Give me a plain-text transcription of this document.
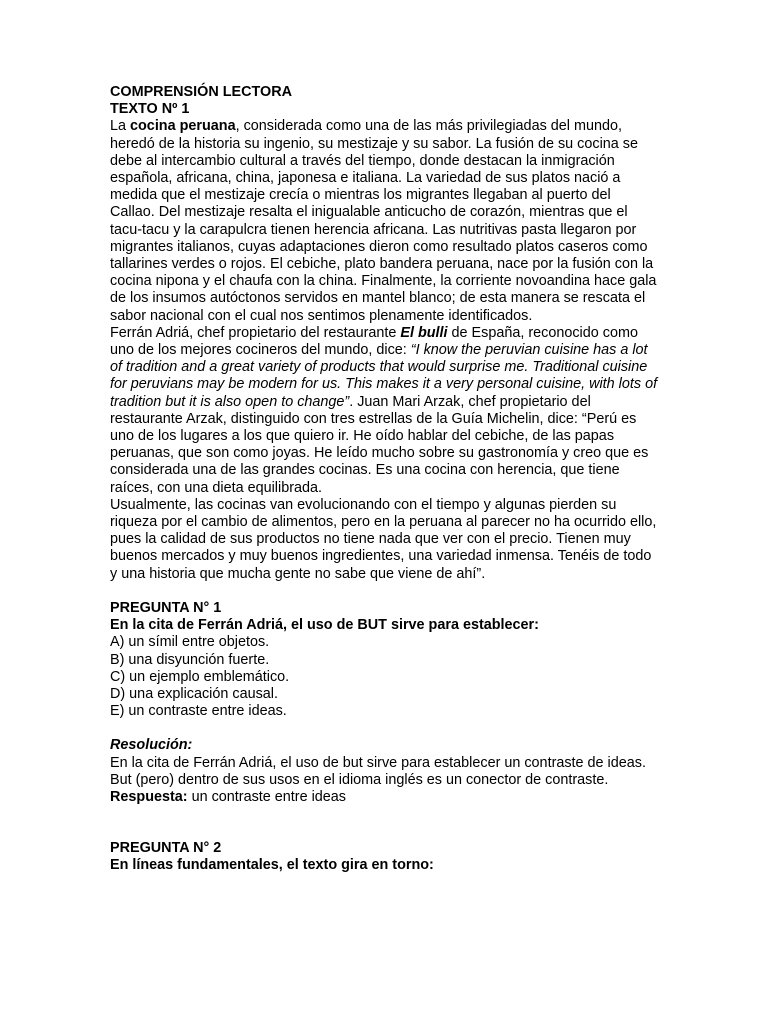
COMPRENSIÓN LECTORA

TEXTO Nº 1

La cocina peruana, considerada como una de las más privilegiadas del mundo, heredó de la historia su ingenio, su mestizaje y su sabor. La fusión de su cocina se debe al intercambio cultural a través del tiempo, donde destacan la inmigración española, africana, china, japonesa e italiana. La variedad de sus platos nació a medida que el mestizaje crecía o mientras los migrantes llegaban al puerto del Callao. Del mestizaje resalta el inigualable anticucho de corazón, mientras que el tacu-tacu y la carapulcra tienen herencia africana. Las nutritivas pasta llegaron por migrantes italianos, cuyas adaptaciones dieron como resultado platos caseros como tallarines verdes o rojos. El cebiche, plato bandera peruana, nace por la fusión con la cocina nipona y el chaufa con la china. Finalmente, la corriente novoandina hace gala de los insumos autóctonos servidos en mantel blanco; de esta manera se rescata el sabor nacional con el cual nos sentimos plenamente identificados.

Ferrán Adriá, chef propietario del restaurante El bulli de España, reconocido como uno de los mejores cocineros del mundo, dice: “I know the peruvian cuisine has a lot of tradition and a great variety of products that would surprise me. Traditional cuisine for peruvians may be modern for us. This makes it a very personal cuisine, with lots of tradition but it is also open to change”. Juan Mari Arzak, chef propietario del restaurante Arzak, distinguido con tres estrellas de la Guía Michelin, dice: “Perú es uno de los lugares a los que quiero ir. He oído hablar del cebiche, de las papas peruanas, que son como joyas. He leído mucho sobre su gastronomía y creo que es considerada una de las grandes cocinas. Es una cocina con herencia, que tiene raíces, con una dieta equilibrada.

Usualmente, las cocinas van evolucionando con el tiempo y algunas pierden su riqueza por el cambio de alimentos, pero en la peruana al parecer no ha ocurrido ello, pues la calidad de sus productos no tiene nada que ver con el precio. Tienen muy buenos mercados y muy buenos ingredientes, una variedad inmensa. Tenéis de todo y una historia que mucha gente no sabe que viene de ahí”.

PREGUNTA N° 1

En la cita de Ferrán Adriá, el uso de BUT sirve para establecer:

A) un símil entre objetos.

B) una disyunción fuerte.

C) un ejemplo emblemático.

D) una explicación causal.

E) un contraste entre ideas.

Resolución:

En la cita de Ferrán Adriá, el uso de but sirve para establecer un contraste de ideas. But (pero) dentro de sus usos en el idioma inglés es un conector de contraste. Respuesta: un contraste entre ideas

PREGUNTA N° 2

En líneas fundamentales, el texto gira en torno:
